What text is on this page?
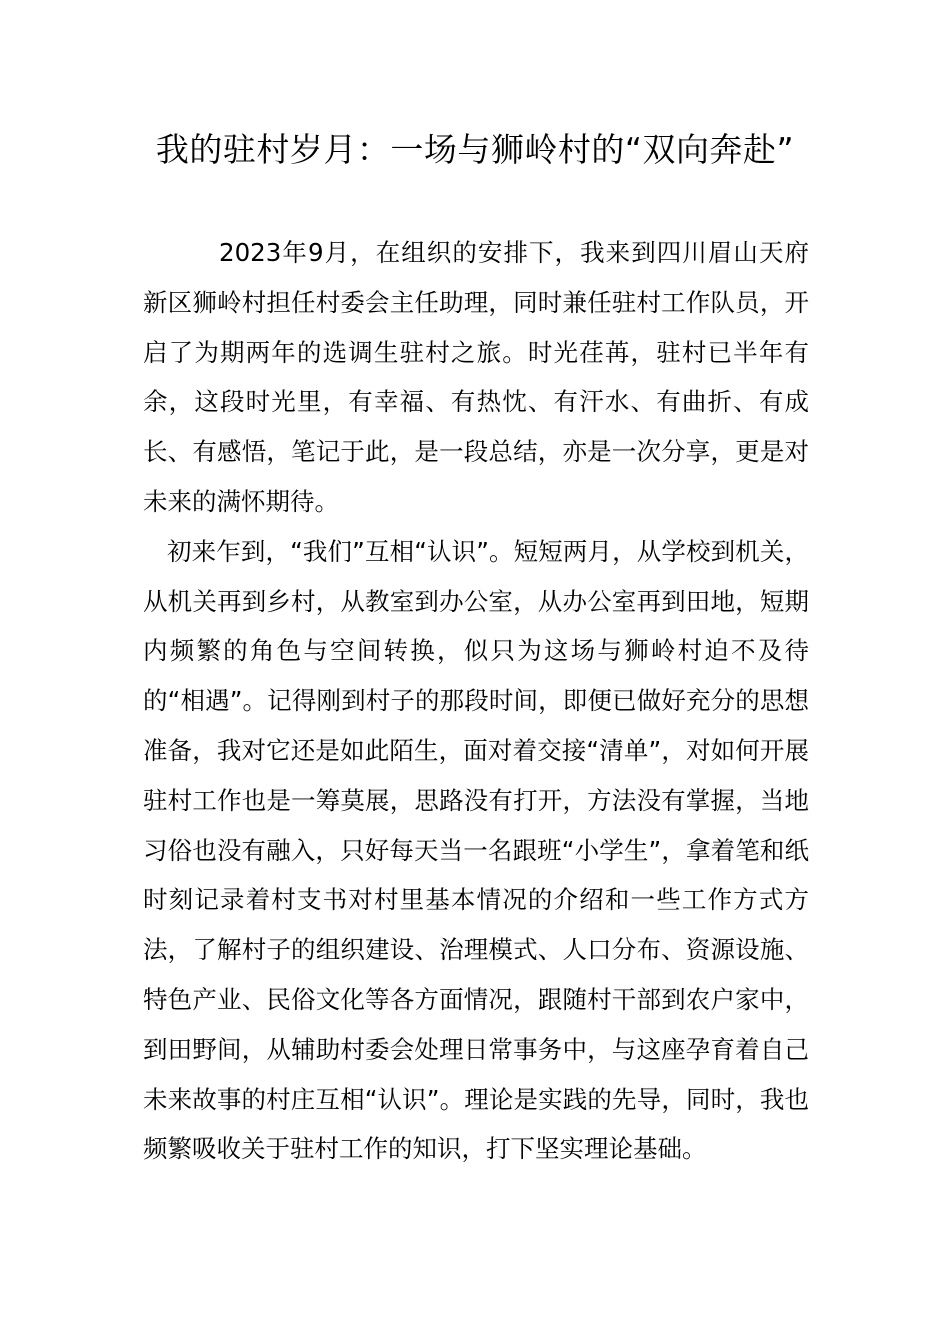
我的驻村岁月：一场与狮岭村的“双向奔赴”

2023年9月，在组织的安排下，我来到四川眉山天府新区狮岭村担任村委会主任助理，同时兼任驻村工作队员，开启了为期两年的选调生驻村之旅。时光荏苒，驻村已半年有余，这段时光里，有幸福、有热忱、有汗水、有曲折、有成长、有感悟，笔记于此，是一段总结，亦是一次分享，更是对未来的满怀期待。

初来乍到，“我们”互相“认识”。短短两月，从学校到机关，从机关再到乡村，从教室到办公室，从办公室再到田地，短期内频繁的角色与空间转换，似只为这场与狮岭村迫不及待的“相遇”。记得刚到村子的那段时间，即便已做好充分的思想准备，我对它还是如此陌生，面对着交接“清单”，对如何开展驻村工作也是一筹莫展，思路没有打开，方法没有掌握，当地习俗也没有融入，只好每天当一名跟班“小学生”，拿着笔和纸时刻记录着村支书对村里基本情况的介绍和一些工作方式方法，了解村子的组织建设、治理模式、人口分布、资源设施、特色产业、民俗文化等各方面情况，跟随村干部到农户家中，到田野间，从辅助村委会处理日常事务中，与这座孕育着自己未来故事的村庄互相“认识”。理论是实践的先导，同时，我也频繁吸收关于驻村工作的知识，打下坚实理论基础。
